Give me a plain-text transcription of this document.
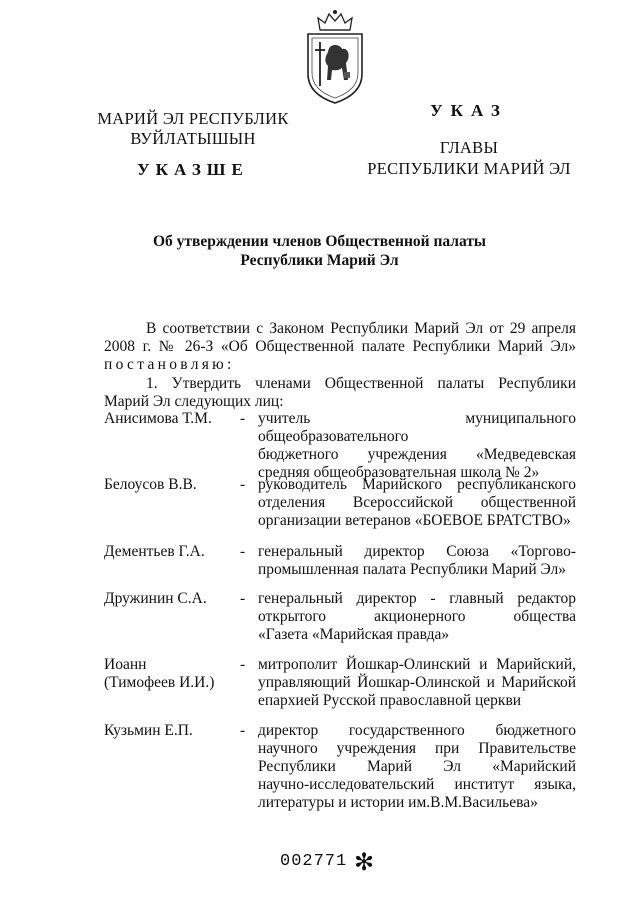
МАРИЙ ЭЛ РЕСПУБЛИК
ВУЙЛАТЫШЫН
УКАЗШЕ
УКАЗ
ГЛАВЫ
РЕСПУБЛИКИ МАРИЙ ЭЛ
Об утверждении членов Общественной палаты
Республики Марий Эл
В соответствии с Законом Республики Марий Эл от 29 апреля
2008 г. № 26-З «Об Общественной палате Республики Марий Эл»
постановляю:
1. Утвердить членами Общественной палаты Республики
Марий Эл следующих лиц:
Анисимова Т.М.	- учитель муниципального общеобразовательного
бюджетного учреждения «Медведевская
средняя общеобразовательная школа № 2»
Белоусов В.В.	- руководитель Марийского республиканского
отделения Всероссийской общественной
организации ветеранов «БОЕВОЕ БРАТСТВО»
Дементьев Г.А.	- генеральный директор Союза «Торгово-
промышленная палата Республики Марий Эл»
Дружинин С.А.	- генеральный директор - главный редактор
открытого акционерного общества
«Газета «Марийская правда»
Иоанн
(Тимофеев И.И.)
- митрополит Йошкар-Олинский и Марийский,
управляющий Йошкар-Олинской и Марийской
епархией Русской православной церкви
Кузьмин Е.П.	- директор государственного бюджетного
научного учреждения при Правительстве
Республики Марий Эл «Марийский
научно-исследовательский институт языка,
литературы и истории им.В.М.Васильева»
002771 ✻
